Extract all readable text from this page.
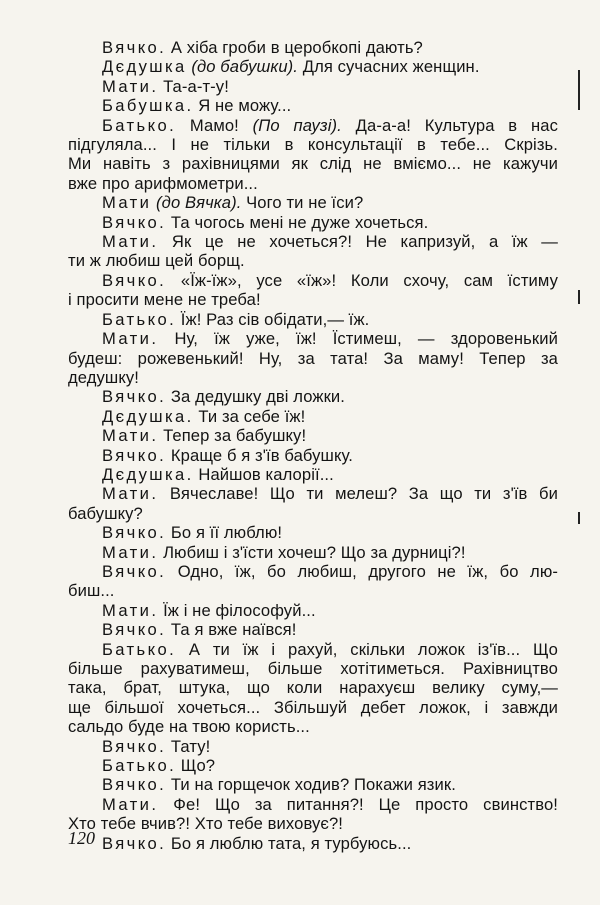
Вячко. А хіба гроби в церобкопі дають?
Дєдушка (до бабушки). Для сучасних женщин.
Мати. Та-а-т-у!
Бабушка. Я не можу...
Батько. Мамо! (По паузі). Да-а-а! Культура в нас
підгуляла... І не тільки в консультації в тебе... Скрізь.
Ми навіть з рахівницями як слід не вміємо... не кажучи
вже про арифмометри...
Мати (до Вячка). Чого ти не їси?
Вячко. Та чогось мені не дуже хочеться.
Мати. Як це не хочеться?! Не капризуй, а їж —
ти ж любиш цей борщ.
Вячко. «Їж-їж», усе «їж»! Коли схочу, сам їстиму
і просити мене не треба!
Батько. Їж! Раз сів обідати,— їж.
Мати. Ну, їж уже, їж! Їстимеш, — здоровенький
будеш: рожевенький! Ну, за тата! За маму! Тепер за
дедушку!
Вячко. За дедушку дві ложки.
Дєдушка. Ти за себе їж!
Мати. Тепер за бабушку!
Вячко. Краще б я з'їв бабушку.
Дєдушка. Найшов калорії...
Мати. Вячеславе! Що ти мелеш? За що ти з'їв би
бабушку?
Вячко. Бо я її люблю!
Мати. Любиш і з'їсти хочеш? Що за дурниці?!
Вячко. Одно, їж, бо любиш, другого не їж, бо лю-
биш...
Мати. Їж і не філософуй...
Вячко. Та я вже наївся!
Батько. А ти їж і рахуй, скільки ложок із'їв... Що
більше рахуватимеш, більше хотітиметься. Рахівництво
така, брат, штука, що коли нарахуєш велику суму,—
ще більшої хочеться... Збільшуй дебет ложок, і завжди
сальдо буде на твою користь...
Вячко. Тату!
Батько. Що?
Вячко. Ти на горщечок ходив? Покажи язик.
Мати. Фе! Що за питання?! Це просто свинство!
Хто тебе вчив?! Хто тебе виховує?!
Вячко. Бо я люблю тата, я турбуюсь...
120
